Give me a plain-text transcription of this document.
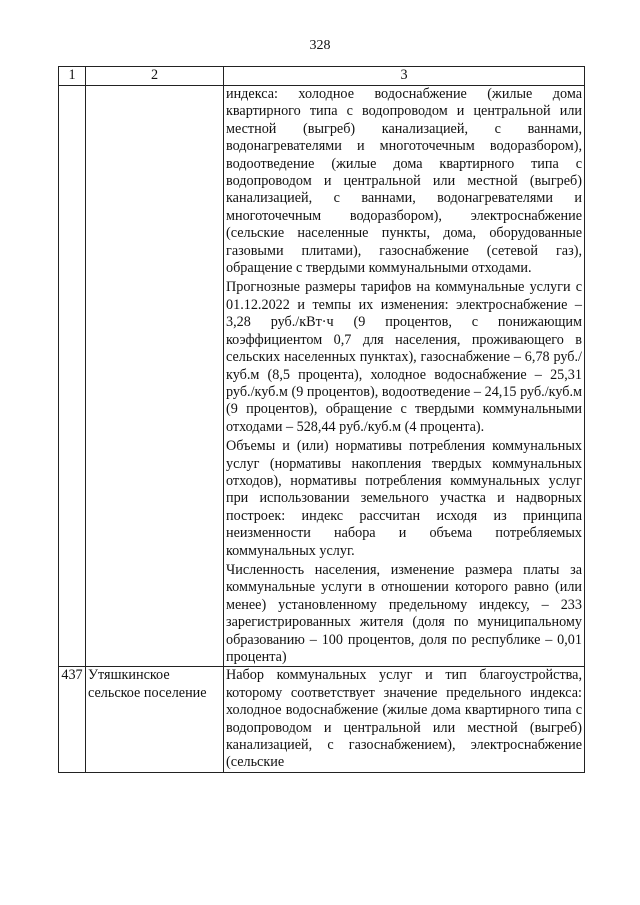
328
1	2	3

		индекса: холодное водоснабжение (жилые дома квартирного типа с водопроводом и центральной или местной (выгреб) канализацией, с ваннами, водонагревателями и многоточечным водоразбором), водоотведение (жилые дома квартирного типа с водопроводом и центральной или местной (выгреб) канализацией, с ваннами, водонагревателями и многоточечным водоразбором), электроснабжение (сельские населенные пункты, дома, оборудованные газовыми плитами), газоснабжение (сетевой газ), обращение с твердыми коммунальными отходами.
Прогнозные размеры тарифов на коммунальные услуги с 01.12.2022 и темпы их изменения: электроснабжение – 3,28 руб./кВт·ч (9 процентов, с понижающим коэффициентом 0,7 для населения, проживающего в сельских населенных пунктах), газоснабжение – 6,78 руб./куб.м (8,5 процента), холодное водоснабжение – 25,31 руб./куб.м (9 процентов), водоотведение – 24,15 руб./куб.м (9 процентов), обращение с твердыми коммунальными отходами – 528,44 руб./куб.м (4 процента).
Объемы и (или) нормативы потребления коммунальных услуг (нормативы накопления твердых коммунальных отходов), нормативы потребления коммунальных услуг при использовании земельного участка и надворных построек: индекс рассчитан исходя из принципа неизменности набора и объема потребляемых коммунальных услуг.
Численность населения, изменение размера платы за коммунальные услуги в отношении которого равно (или менее) установленному предельному индексу, – 233 зарегистрированных жителя (доля по муниципальному образованию – 100 процентов, доля по республике – 0,01 процента)

437	Утяшкинское сельское поселение	Набор коммунальных услуг и тип благоустройства, которому соответствует значение предельного индекса: холодное водоснабжение (жилые дома квартирного типа с водопроводом и центральной или местной (выгреб) канализацией, с газоснабжением), электроснабжение (сельские
